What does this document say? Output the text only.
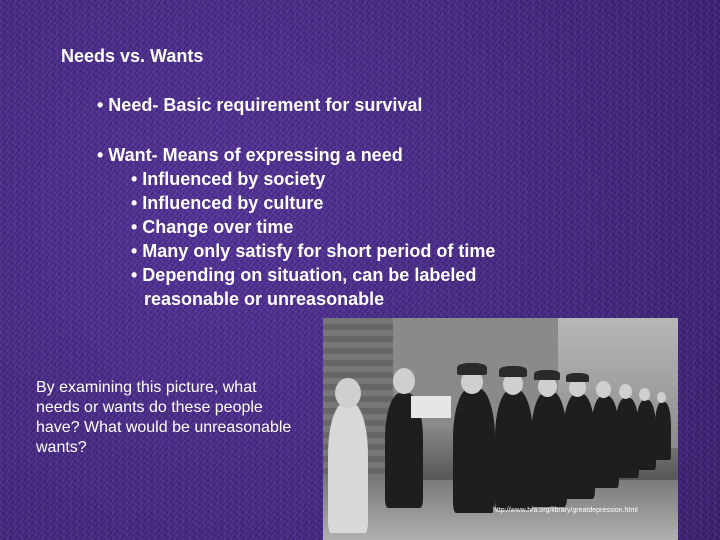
Needs vs. Wants
• Need- Basic requirement for survival
• Want- Means of expressing a need
• Influenced by society
• Influenced by culture
• Change over time
• Many only satisfy for short period of time
• Depending on situation, can be labeled
reasonable or unreasonable
http://www.hra.org/library/greatdepression.html
By examining this picture, what needs or wants do these people have? What would be unreasonable wants?
